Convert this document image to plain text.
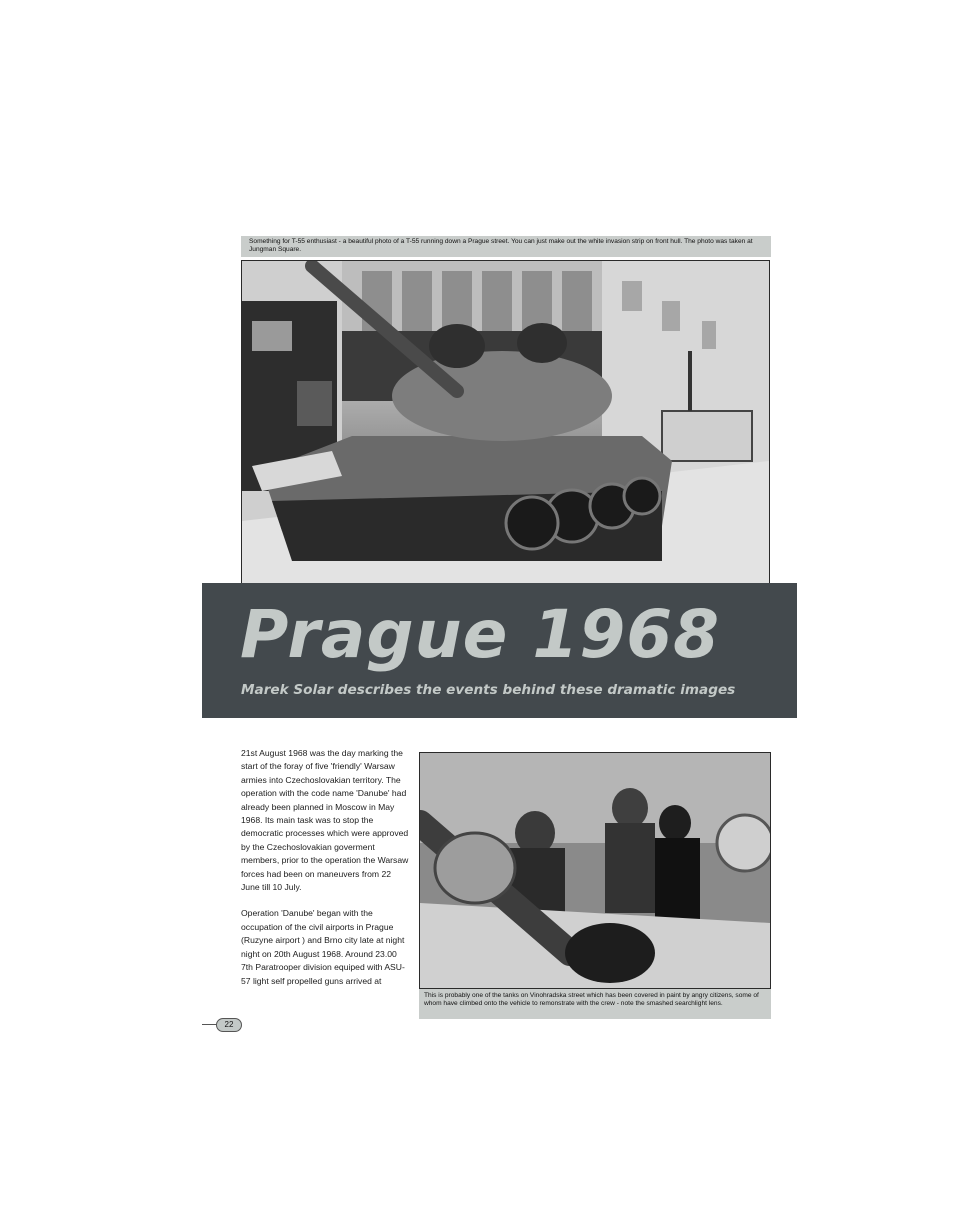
Something for T-55 enthusiast - a beautiful photo of a T-55 running down a Prague street. You can just make out the white invasion strip on front hull. The photo was taken at Jungman Square.
Prague 1968
Marek Solar describes the events behind these dramatic images

21st August 1968 was the day marking the start of the foray of five 'friendly' Warsaw armies into Czechoslovakian territory. The operation with the code name 'Danube' had already been planned in Moscow in May 1968. Its main task was to stop the democratic processes which were approved by the Czechoslovakian goverment members, prior to the operation the Warsaw forces had been on maneuvers from 22 June till 10 July.

Operation 'Danube' began with the occupation of the civil airports in Prague (Ruzyne airport ) and Brno city late at night night on 20th August 1968. Around 23.00 7th Paratrooper division equiped with ASU-57 light self propelled guns arrived at

This is probably one of the tanks on Vinohradska street which has been covered in paint by angry citizens, some of whom have climbed onto the vehicle to remonstrate with the crew - note the smashed searchlight lens.
22
